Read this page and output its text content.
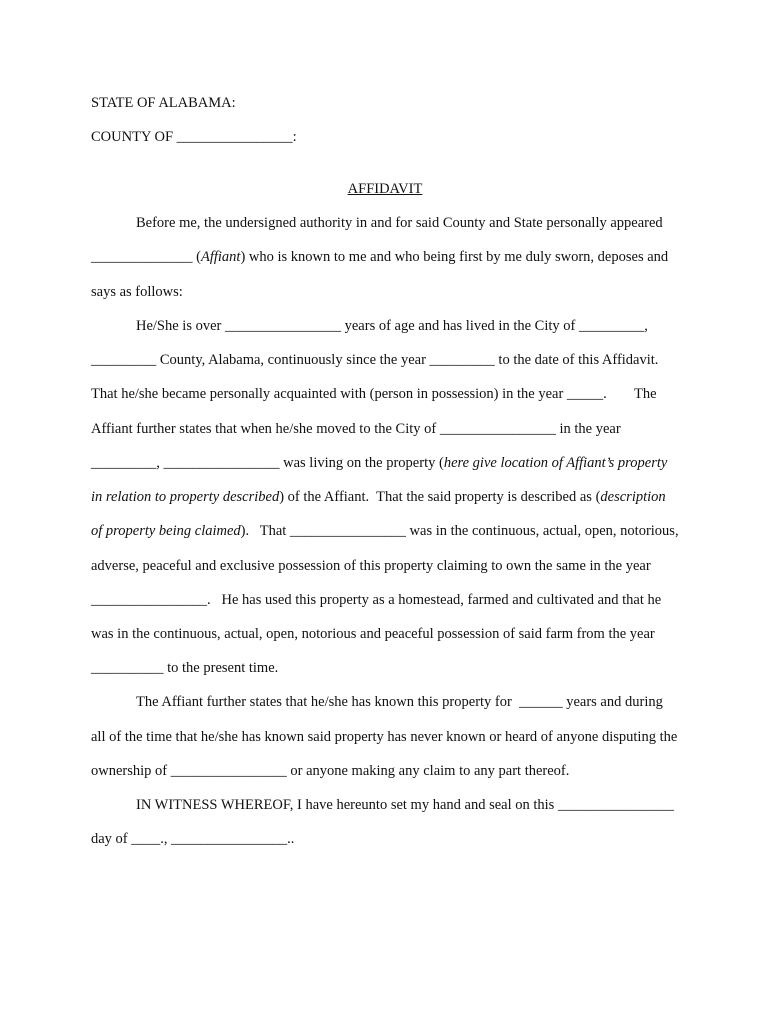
STATE OF ALABAMA:
COUNTY OF ________________:
AFFIDAVIT
Before me, the undersigned authority in and for said County and State personally appeared
______________ (Affiant) who is known to me and who being first by me duly sworn, deposes and
says as follows:
He/She is over ________________ years of age and has lived in the City of _________,
_________ County, Alabama, continuously since the year _________ to the date of this Affidavit.
That he/she became personally acquainted with (person in possession) in the year _____. The
Affiant further states that when he/she moved to the City of ________________ in the year
_________, ________________ was living on the property (here give location of Affiant’s property
in relation to property described) of the Affiant.  That the said property is described as (description
of property being claimed).   That ________________ was in the continuous, actual, open, notorious,
adverse, peaceful and exclusive possession of this property claiming to own the same in the year
________________.   He has used this property as a homestead, farmed and cultivated and that he
was in the continuous, actual, open, notorious and peaceful possession of said farm from the year
__________ to the present time.
The Affiant further states that he/she has known this property for  ______ years and during
all of the time that he/she has known said property has never known or heard of anyone disputing the
ownership of ________________ or anyone making any claim to any part thereof.
IN WITNESS WHEREOF, I have hereunto set my hand and seal on this ________________
day of ____., ________________..
